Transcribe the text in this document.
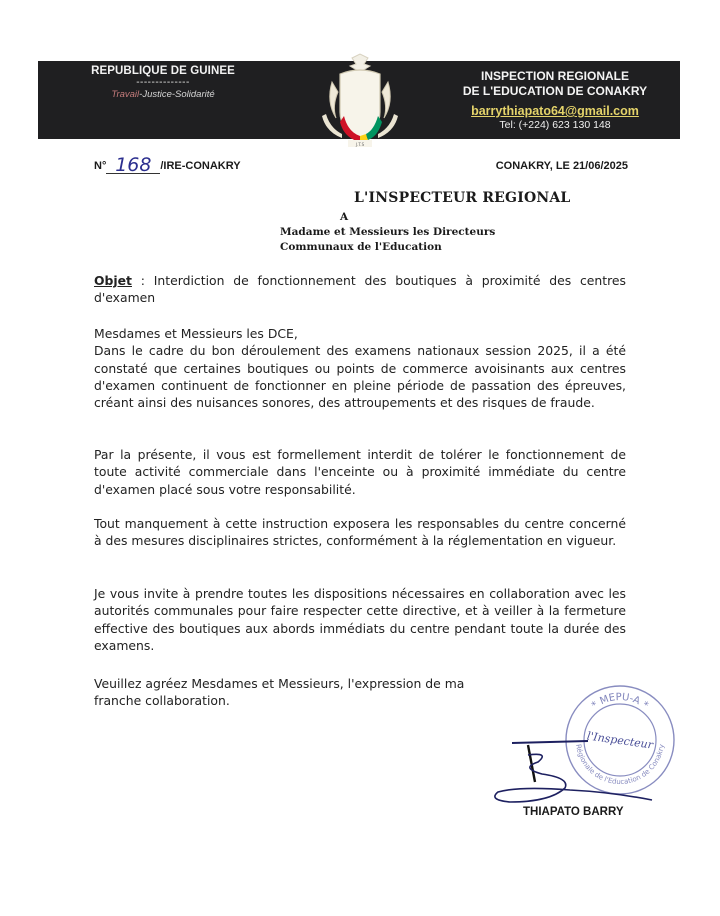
REPUBLIQUE DE GUINEE
--------------
Travail-Justice-Solidarité
INSPECTION REGIONALE
DE L'EDUCATION DE CONAKRY
barrythiapato64@gmail.com
Tel: (+224) 623 130 148
J.T.S
N° 168 /IRE-CONAKRY	CONAKRY, LE 21/06/2025
L'INSPECTEUR REGIONAL
A
Madame et Messieurs les Directeurs
Communaux de l'Education

Objet : Interdiction de fonctionnement des boutiques à proximité des centres d'examen

Mesdames et Messieurs les DCE,

Dans le cadre du bon déroulement des examens nationaux session 2025, il a été constaté que certaines boutiques ou points de commerce avoisinants aux centres d'examen continuent de fonctionner en pleine période de passation des épreuves, créant ainsi des nuisances sonores, des attroupements et des risques de fraude.

Par la présente, il vous est formellement interdit de tolérer le fonctionnement de toute activité commerciale dans l'enceinte ou à proximité immédiate du centre d'examen placé sous votre responsabilité.
Tout manquement à cette instruction exposera les responsables du centre concerné à des mesures disciplinaires strictes, conformément à la réglementation en vigueur.
Je vous invite à prendre toutes les dispositions nécessaires en collaboration avec les autorités communales pour faire respecter cette directive, et à veiller à la fermeture effective des boutiques aux abords immédiats du centre pendant toute la durée des examens.
Veuillez agréez Mesdames et Messieurs, l'expression de ma
franche collaboration.	* MEPU-A *
Régionale de l'Education de Conakry
l'Inspecteur
THIAPATO BARRY
